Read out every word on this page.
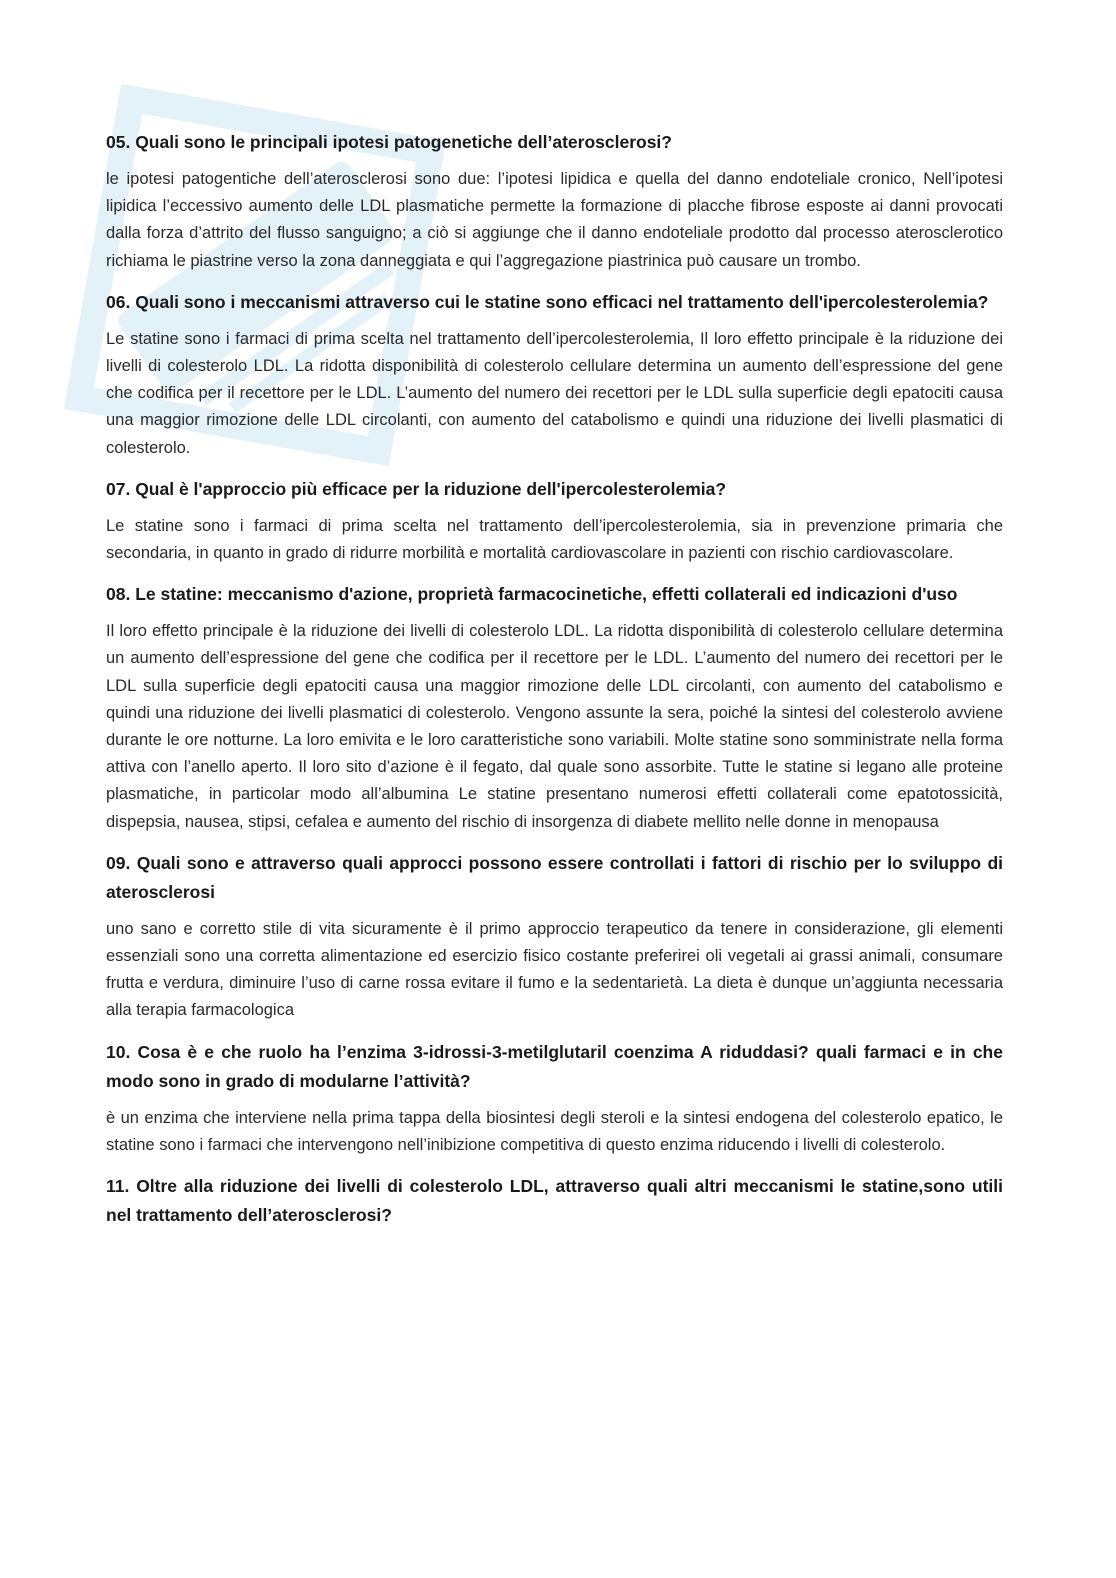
05. Quali sono le principali ipotesi patogenetiche dell’aterosclerosi?
le ipotesi patogentiche dell’aterosclerosi sono due: l’ipotesi lipidica e quella del danno endoteliale cronico, Nell’ipotesi lipidica l’eccessivo aumento delle LDL plasmatiche permette la formazione di placche fibrose esposte ai danni provocati dalla forza d’attrito del flusso sanguigno; a ciò si aggiunge che il danno endoteliale prodotto dal processo aterosclerotico richiama le piastrine verso la zona danneggiata e qui l’aggregazione piastrinica può causare un trombo.
06. Quali sono i meccanismi attraverso cui le statine sono efficaci nel trattamento dell'ipercolesterolemia?
Le statine sono i farmaci di prima scelta nel trattamento dell’ipercolesterolemia, Il loro effetto principale è la riduzione dei livelli di colesterolo LDL. La ridotta disponibilità di colesterolo cellulare determina un aumento dell’espressione del gene che codifica per il recettore per le LDL. L’aumento del numero dei recettori per le LDL sulla superficie degli epatociti causa una maggior rimozione delle LDL circolanti, con aumento del catabolismo e quindi una riduzione dei livelli plasmatici di colesterolo.
07. Qual è l'approccio più efficace per la riduzione dell'ipercolesterolemia?
Le statine sono i farmaci di prima scelta nel trattamento dell’ipercolesterolemia, sia in prevenzione primaria che secondaria, in quanto in grado di ridurre morbilità e mortalità cardiovascolare in pazienti con rischio cardiovascolare.
08. Le statine: meccanismo d'azione, proprietà farmacocinetiche, effetti collaterali ed indicazioni d'uso
Il loro effetto principale è la riduzione dei livelli di colesterolo LDL. La ridotta disponibilità di colesterolo cellulare determina un aumento dell’espressione del gene che codifica per il recettore per le LDL. L’aumento del numero dei recettori per le LDL sulla superficie degli epatociti causa una maggior rimozione delle LDL circolanti, con aumento del catabolismo e quindi una riduzione dei livelli plasmatici di colesterolo. Vengono assunte la sera, poiché la sintesi del colesterolo avviene durante le ore notturne. La loro emivita e le loro caratteristiche sono variabili. Molte statine sono somministrate nella forma attiva con l’anello aperto. Il loro sito d’azione è il fegato, dal quale sono assorbite. Tutte le statine si legano alle proteine plasmatiche, in particolar modo all’albumina Le statine presentano numerosi effetti collaterali come epatotossicità, dispepsia, nausea, stipsi, cefalea e aumento del rischio di insorgenza di diabete mellito nelle donne in menopausa
09. Quali sono e attraverso quali approcci possono essere controllati i fattori di rischio per lo sviluppo di aterosclerosi
uno sano e corretto stile di vita sicuramente è il primo approccio terapeutico da tenere in considerazione, gli elementi essenziali sono una corretta alimentazione ed esercizio fisico costante preferirei oli vegetali ai grassi animali, consumare frutta e verdura, diminuire l’uso di carne rossa evitare il fumo e la sedentarietà. La dieta è dunque un’aggiunta necessaria alla terapia farmacologica
10. Cosa è e che ruolo ha l’enzima 3-idrossi-3-metilglutaril coenzima A riduddasi? quali farmaci e in che modo sono in grado di modularne l’attività?
è un enzima che interviene nella prima tappa della biosintesi degli steroli e la sintesi endogena del colesterolo epatico, le statine sono i farmaci che intervengono nell’inibizione competitiva di questo enzima riducendo i livelli di colesterolo.
11. Oltre alla riduzione dei livelli di colesterolo LDL, attraverso quali altri meccanismi le statine,sono utili nel trattamento dell’aterosclerosi?
